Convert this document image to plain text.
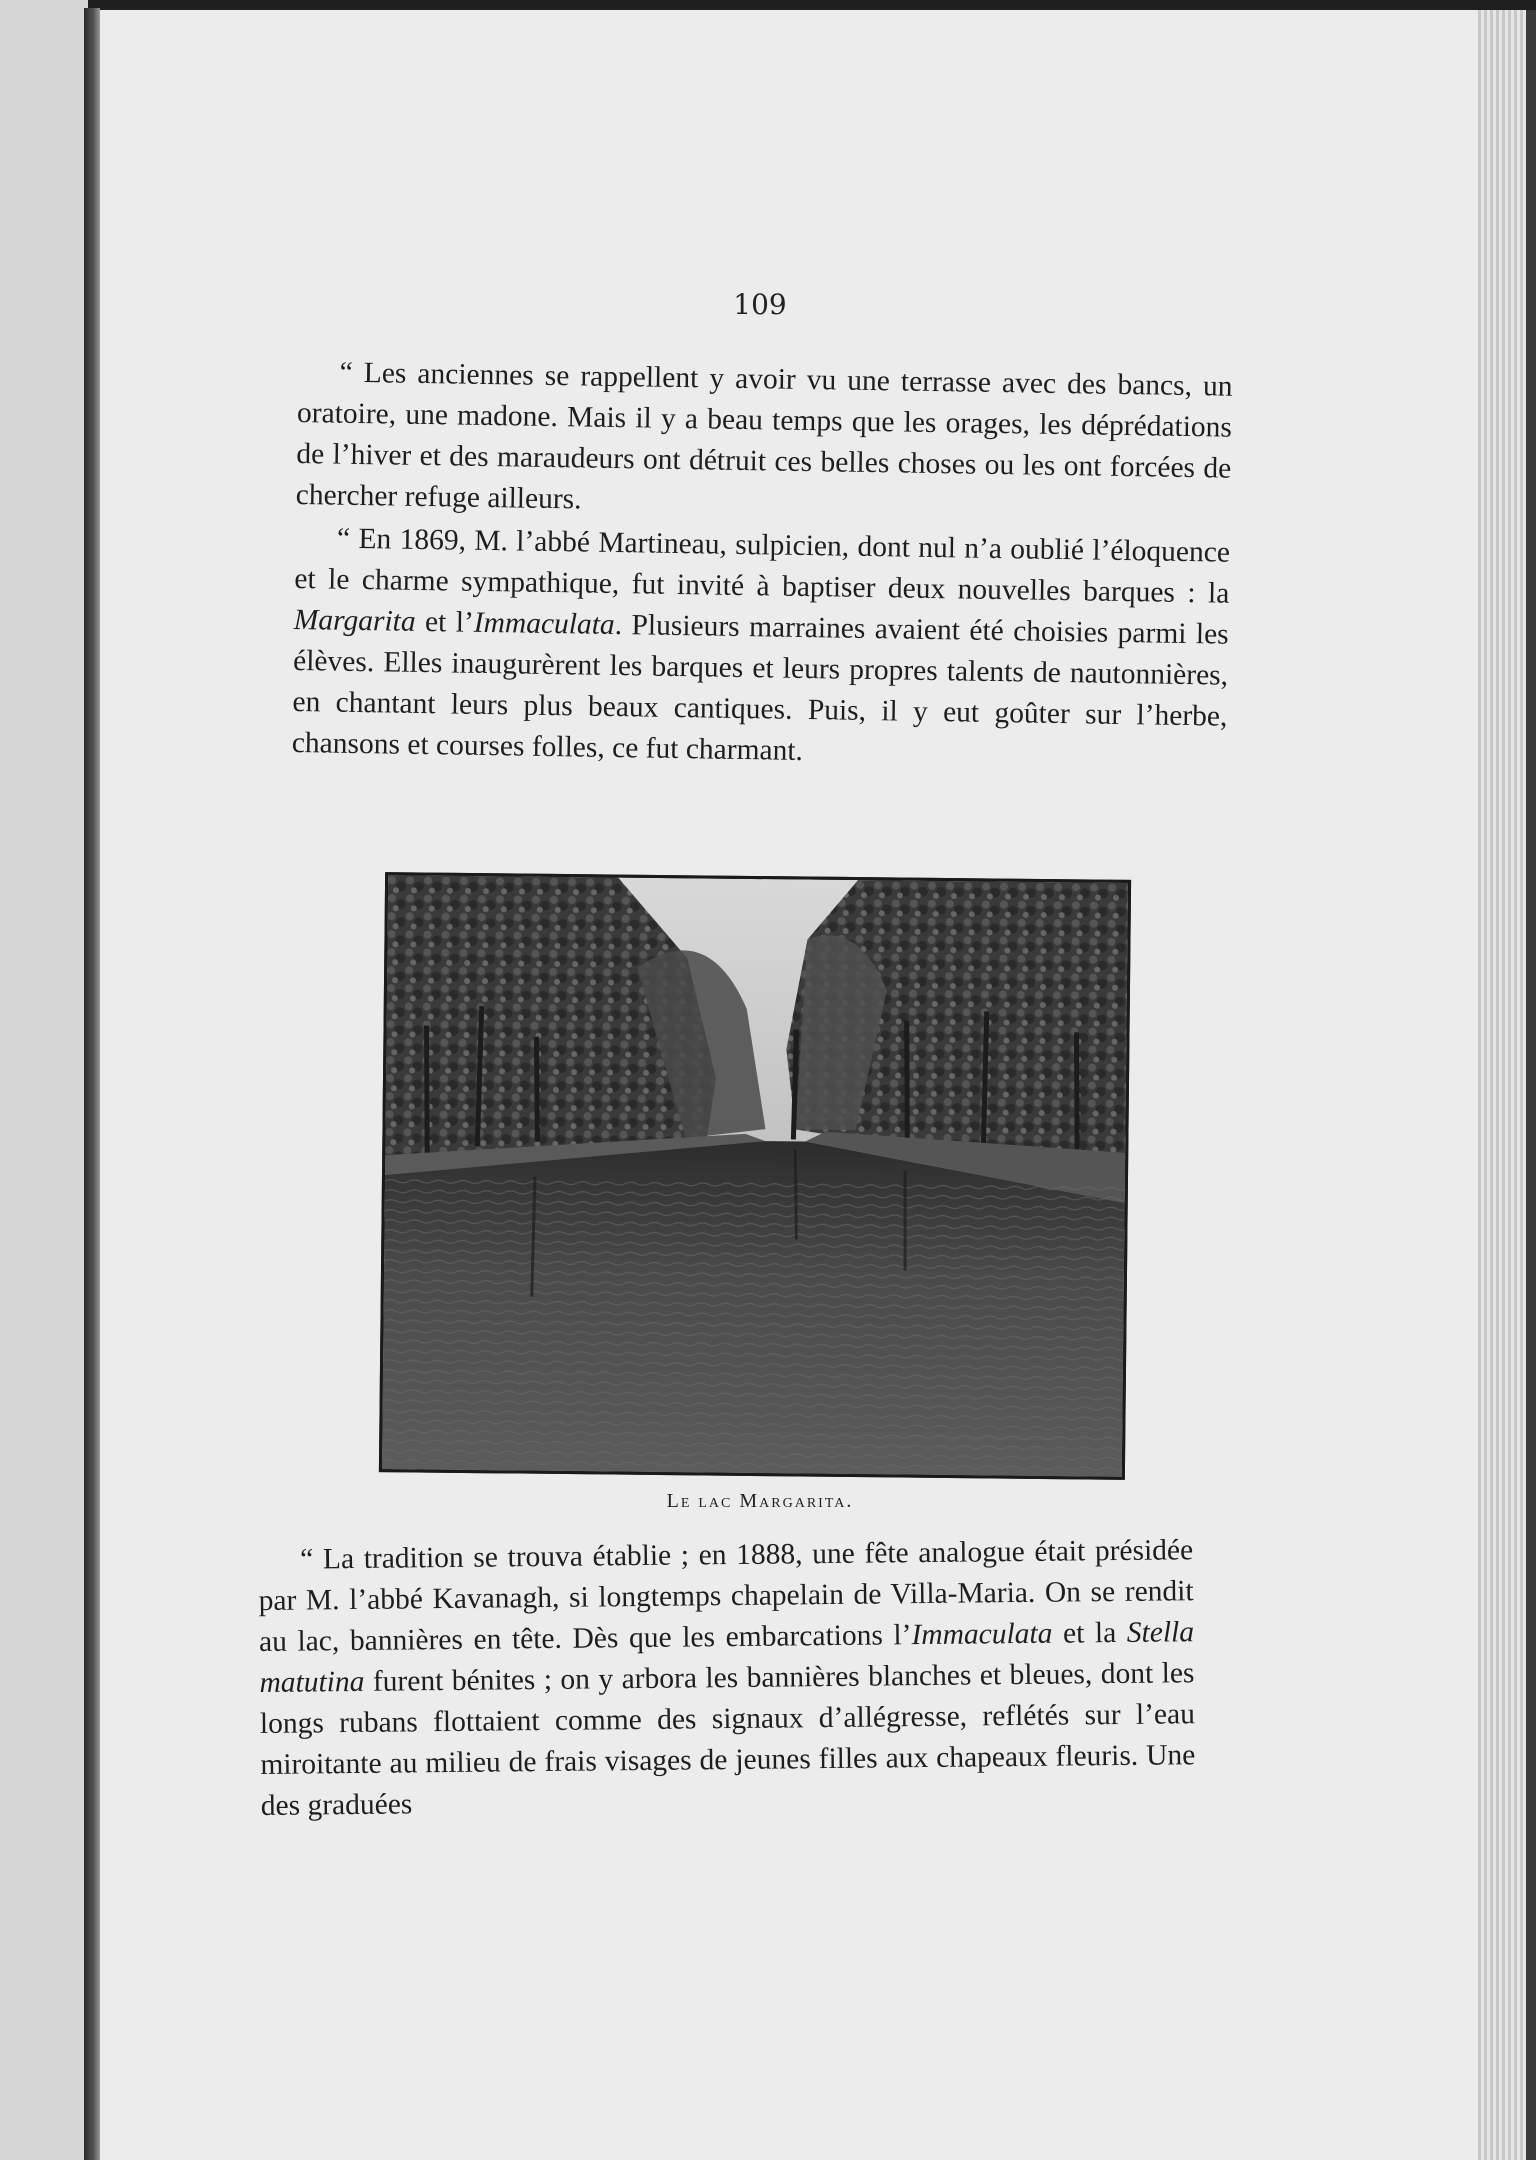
109

“ Les anciennes se rappellent y avoir vu une terrasse avec des bancs, un oratoire, une madone. Mais il y a beau temps que les orages, les déprédations de l’hiver et des maraudeurs ont détruit ces belles choses ou les ont forcées de chercher refuge ailleurs.

“ En 1869, M. l’abbé Martineau, sulpicien, dont nul n’a oublié l’éloquence et le charme sympathique, fut invité à baptiser deux nouvelles barques : la Margarita et l’Immaculata. Plusieurs marraines avaient été choisies parmi les élèves. Elles inaugurèrent les barques et leurs propres talents de nautonnières, en chantant leurs plus beaux cantiques. Puis, il y eut goûter sur l’herbe, chansons et courses folles, ce fut charmant.

Le lac Margarita.

“ La tradition se trouva établie ; en 1888, une fête analogue était présidée par M. l’abbé Kavanagh, si longtemps chapelain de Villa-Maria. On se rendit au lac, bannières en tête. Dès que les embarcations l’Immaculata et la Stella matutina furent bénites ; on y arbora les bannières blanches et bleues, dont les longs rubans flottaient comme des signaux d’allégresse, reflétés sur l’eau miroitante au milieu de frais visages de jeunes filles aux chapeaux fleuris. Une des graduées
